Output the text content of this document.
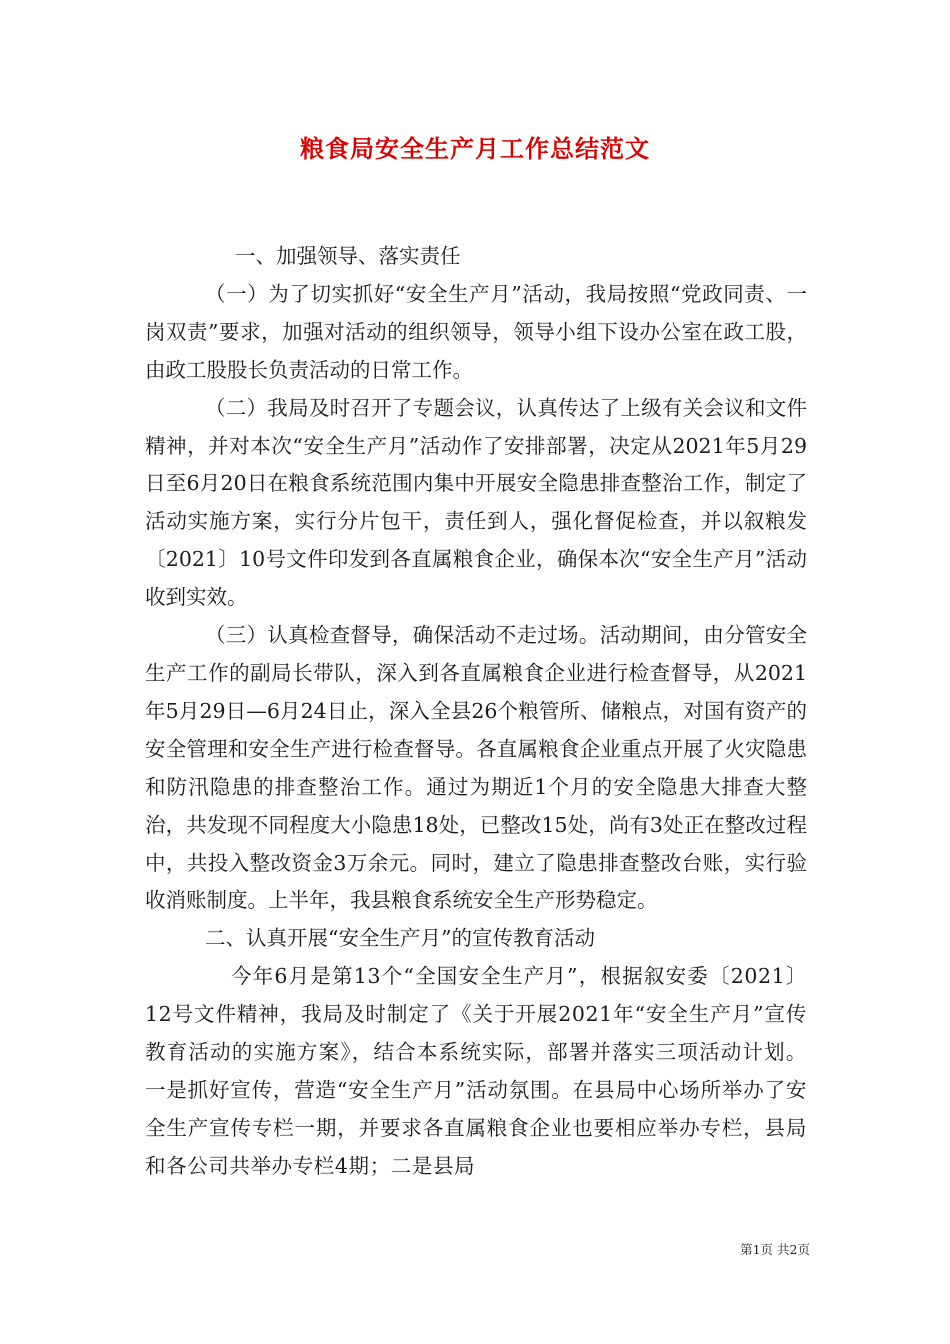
粮食局安全生产月工作总结范文

一、加强领导、落实责任

（一）为了切实抓好“安全生产月”活动，我局按照“党政同责、一岗双责”要求，加强对活动的组织领导，领导小组下设办公室在政工股，由政工股股长负责活动的日常工作。

（二）我局及时召开了专题会议，认真传达了上级有关会议和文件精神，并对本次“安全生产月”活动作了安排部署，决定从2021年5月29日至6月20日在粮食系统范围内集中开展安全隐患排查整治工作，制定了活动实施方案，实行分片包干，责任到人，强化督促检查，并以叙粮发〔2021〕10号文件印发到各直属粮食企业，确保本次“安全生产月”活动收到实效。

（三）认真检查督导，确保活动不走过场。活动期间，由分管安全生产工作的副局长带队，深入到各直属粮食企业进行检查督导，从2021年5月29日—6月24日止，深入全县26个粮管所、储粮点，对国有资产的安全管理和安全生产进行检查督导。各直属粮食企业重点开展了火灾隐患和防汛隐患的排查整治工作。通过为期近1个月的安全隐患大排查大整治，共发现不同程度大小隐患18处，已整改15处，尚有3处正在整改过程中，共投入整改资金3万余元。同时，建立了隐患排查整改台账，实行验收消账制度。上半年，我县粮食系统安全生产形势稳定。

二、认真开展“安全生产月”的宣传教育活动

今年6月是第13个“全国安全生产月”，根据叙安委〔2021〕12号文件精神，我局及时制定了《关于开展2021年“安全生产月”宣传教育活动的实施方案》，结合本系统实际，部署并落实三项活动计划。一是抓好宣传，营造“安全生产月”活动氛围。在县局中心场所举办了安全生产宣传专栏一期，并要求各直属粮食企业也要相应举办专栏，县局和各公司共举办专栏4期；二是县局

第1页 共2页
